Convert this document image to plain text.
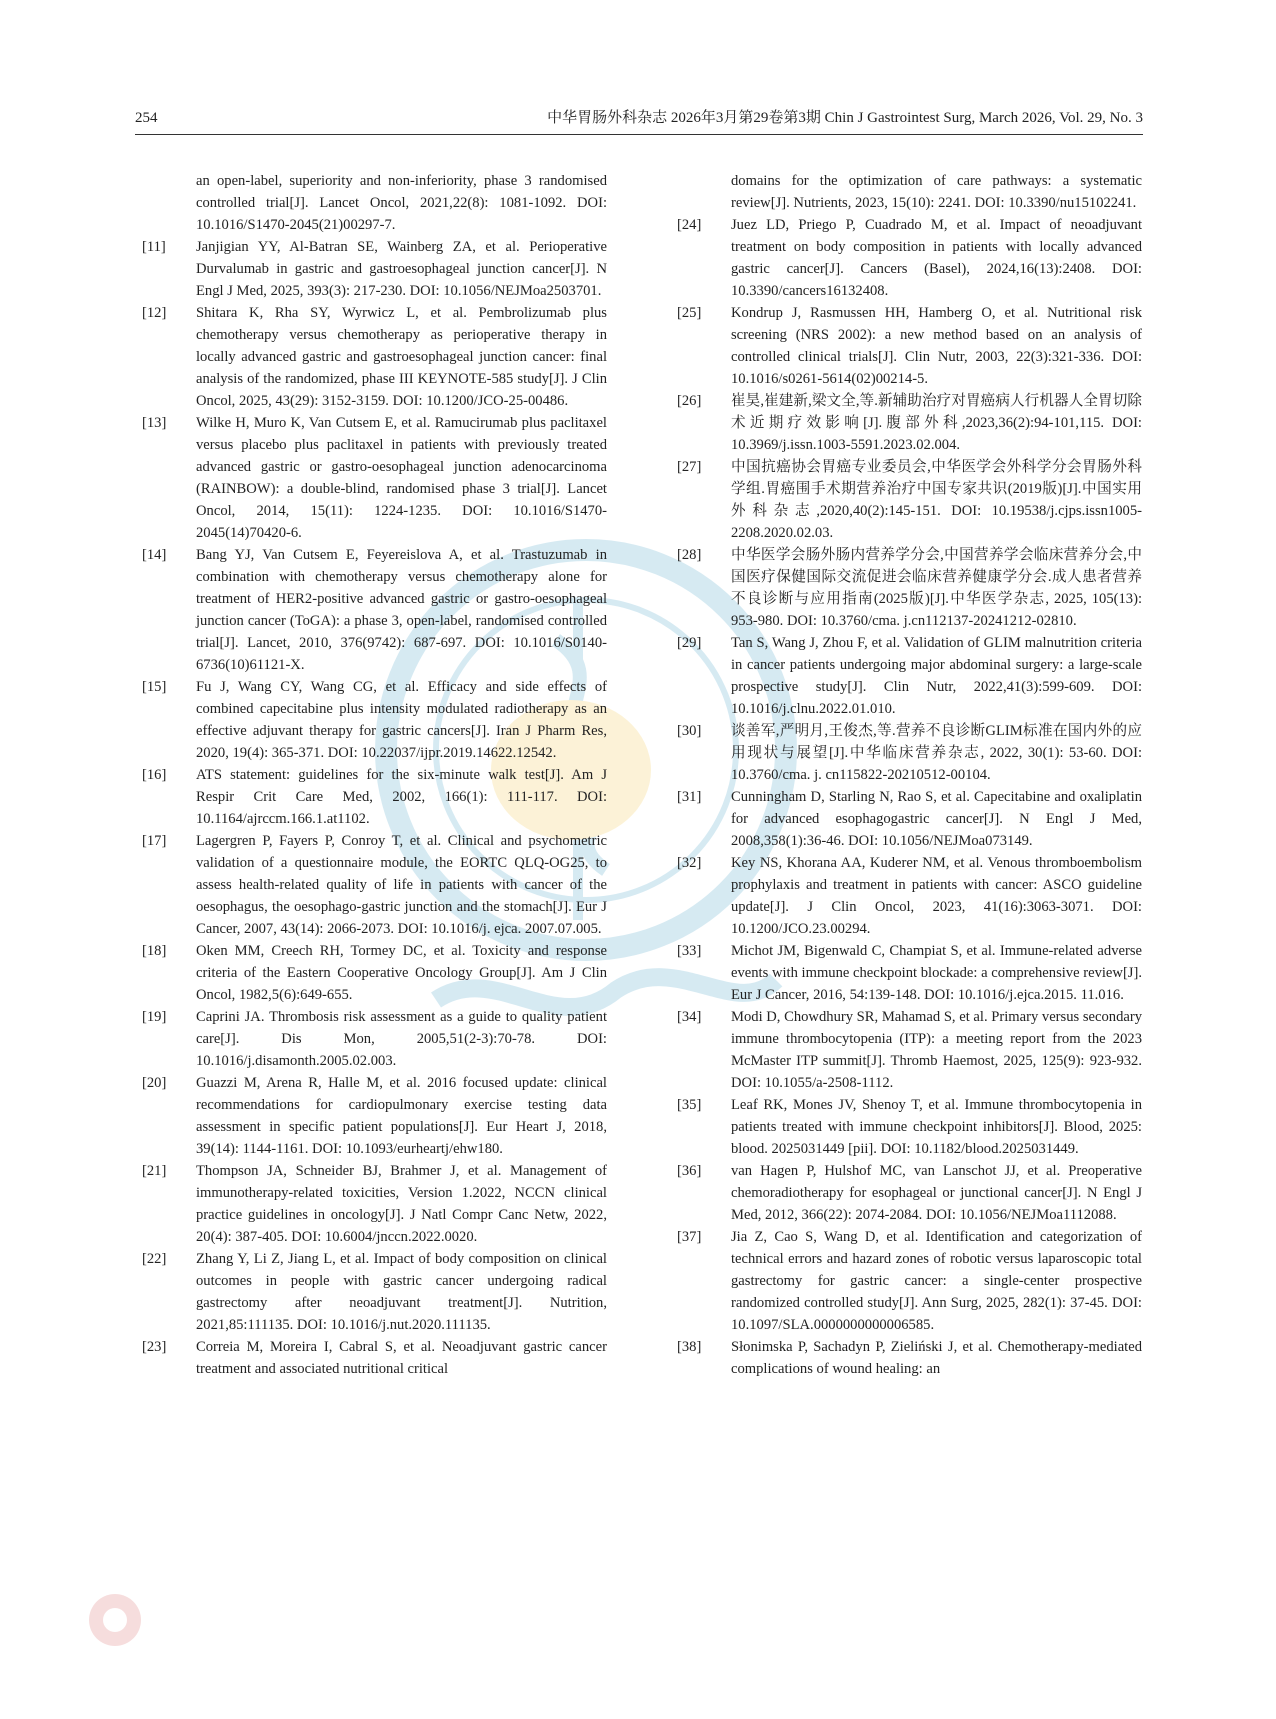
254	中华胃肠外科杂志 2026年3月第29卷第3期 Chin J Gastrointest Surg, March 2026, Vol. 29, No. 3

an open-label, superiority and non-inferiority, phase 3 randomised controlled trial[J]. Lancet Oncol, 2021,22(8): 1081-1092. DOI: 10.1016/S1470-2045(21)00297-7.

[11] Janjigian YY, Al-Batran SE, Wainberg ZA, et al. Perioperative Durvalumab in gastric and gastroesophageal junction cancer[J]. N Engl J Med, 2025, 393(3): 217-230. DOI: 10.1056/NEJMoa2503701.

[12] Shitara K, Rha SY, Wyrwicz L, et al. Pembrolizumab plus chemotherapy versus chemotherapy as perioperative therapy in locally advanced gastric and gastroesophageal junction cancer: final analysis of the randomized, phase III KEYNOTE-585 study[J]. J Clin Oncol, 2025, 43(29): 3152-3159. DOI: 10.1200/JCO-25-00486.

[13] Wilke H, Muro K, Van Cutsem E, et al. Ramucirumab plus paclitaxel versus placebo plus paclitaxel in patients with previously treated advanced gastric or gastro-oesophageal junction adenocarcinoma (RAINBOW): a double-blind, randomised phase 3 trial[J]. Lancet Oncol, 2014, 15(11): 1224-1235. DOI: 10.1016/S1470-2045(14)70420-6.

[14] Bang YJ, Van Cutsem E, Feyereislova A, et al. Trastuzumab in combination with chemotherapy versus chemotherapy alone for treatment of HER2-positive advanced gastric or gastro-oesophageal junction cancer (ToGA): a phase 3, open-label, randomised controlled trial[J]. Lancet, 2010, 376(9742): 687-697. DOI: 10.1016/S0140-6736(10)61121-X.

[15] Fu J, Wang CY, Wang CG, et al. Efficacy and side effects of combined capecitabine plus intensity modulated radiotherapy as an effective adjuvant therapy for gastric cancers[J]. Iran J Pharm Res, 2020, 19(4): 365-371. DOI: 10.22037/ijpr.2019.14622.12542.

[16] ATS statement: guidelines for the six-minute walk test[J]. Am J Respir Crit Care Med, 2002, 166(1): 111-117. DOI: 10.1164/ajrccm.166.1.at1102.

[17] Lagergren P, Fayers P, Conroy T, et al. Clinical and psychometric validation of a questionnaire module, the EORTC QLQ-OG25, to assess health-related quality of life in patients with cancer of the oesophagus, the oesophago-gastric junction and the stomach[J]. Eur J Cancer, 2007, 43(14): 2066-2073. DOI: 10.1016/j. ejca. 2007.07.005.

[18] Oken MM, Creech RH, Tormey DC, et al. Toxicity and response criteria of the Eastern Cooperative Oncology Group[J]. Am J Clin Oncol, 1982,5(6):649-655.

[19] Caprini JA. Thrombosis risk assessment as a guide to quality patient care[J]. Dis Mon, 2005,51(2-3):70-78. DOI: 10.1016/j.disamonth.2005.02.003.

[20] Guazzi M, Arena R, Halle M, et al. 2016 focused update: clinical recommendations for cardiopulmonary exercise testing data assessment in specific patient populations[J]. Eur Heart J, 2018, 39(14): 1144-1161. DOI: 10.1093/eurheartj/ehw180.

[21] Thompson JA, Schneider BJ, Brahmer J, et al. Management of immunotherapy-related toxicities, Version 1.2022, NCCN clinical practice guidelines in oncology[J]. J Natl Compr Canc Netw, 2022, 20(4): 387-405. DOI: 10.6004/jnccn.2022.0020.

[22] Zhang Y, Li Z, Jiang L, et al. Impact of body composition on clinical outcomes in people with gastric cancer undergoing radical gastrectomy after neoadjuvant treatment[J]. Nutrition, 2021,85:111135. DOI: 10.1016/j.nut.2020.111135.

[23] Correia M, Moreira I, Cabral S, et al. Neoadjuvant gastric cancer treatment and associated nutritional critical

domains for the optimization of care pathways: a systematic review[J]. Nutrients, 2023, 15(10): 2241. DOI: 10.3390/nu15102241.

[24] Juez LD, Priego P, Cuadrado M, et al. Impact of neoadjuvant treatment on body composition in patients with locally advanced gastric cancer[J]. Cancers (Basel), 2024,16(13):2408. DOI: 10.3390/cancers16132408.

[25] Kondrup J, Rasmussen HH, Hamberg O, et al. Nutritional risk screening (NRS 2002): a new method based on an analysis of controlled clinical trials[J]. Clin Nutr, 2003, 22(3):321-336. DOI: 10.1016/s0261-5614(02)00214-5.

[26] 崔昊,崔建新,梁文全,等.新辅助治疗对胃癌病人行机器人全胃切除术近期疗效影响[J].腹部外科,2023,36(2):94-101,115. DOI: 10.3969/j.issn.1003-5591.2023.02.004.

[27] 中国抗癌协会胃癌专业委员会,中华医学会外科学分会胃肠外科学组.胃癌围手术期营养治疗中国专家共识(2019版)[J].中国实用外科杂志,2020,40(2):145-151. DOI: 10.19538/j.cjps.issn1005-2208.2020.02.03.

[28] 中华医学会肠外肠内营养学分会,中国营养学会临床营养分会,中国医疗保健国际交流促进会临床营养健康学分会.成人患者营养不良诊断与应用指南(2025版)[J].中华医学杂志, 2025, 105(13): 953-980. DOI: 10.3760/cma. j.cn112137-20241212-02810.

[29] Tan S, Wang J, Zhou F, et al. Validation of GLIM malnutrition criteria in cancer patients undergoing major abdominal surgery: a large-scale prospective study[J]. Clin Nutr, 2022,41(3):599-609. DOI: 10.1016/j.clnu.2022.01.010.

[30] 谈善军,严明月,王俊杰,等.营养不良诊断GLIM标准在国内外的应用现状与展望[J].中华临床营养杂志, 2022, 30(1): 53-60. DOI: 10.3760/cma. j. cn115822-20210512-00104.

[31] Cunningham D, Starling N, Rao S, et al. Capecitabine and oxaliplatin for advanced esophagogastric cancer[J]. N Engl J Med, 2008,358(1):36-46. DOI: 10.1056/NEJMoa073149.

[32] Key NS, Khorana AA, Kuderer NM, et al. Venous thromboembolism prophylaxis and treatment in patients with cancer: ASCO guideline update[J]. J Clin Oncol, 2023, 41(16):3063-3071. DOI: 10.1200/JCO.23.00294.

[33] Michot JM, Bigenwald C, Champiat S, et al. Immune-related adverse events with immune checkpoint blockade: a comprehensive review[J]. Eur J Cancer, 2016, 54:139-148. DOI: 10.1016/j.ejca.2015. 11.016.

[34] Modi D, Chowdhury SR, Mahamad S, et al. Primary versus secondary immune thrombocytopenia (ITP): a meeting report from the 2023 McMaster ITP summit[J]. Thromb Haemost, 2025, 125(9): 923-932. DOI: 10.1055/a-2508-1112.

[35] Leaf RK, Mones JV, Shenoy T, et al. Immune thrombocytopenia in patients treated with immune checkpoint inhibitors[J]. Blood, 2025: blood. 2025031449 [pii]. DOI: 10.1182/blood.2025031449.

[36] van Hagen P, Hulshof MC, van Lanschot JJ, et al. Preoperative chemoradiotherapy for esophageal or junctional cancer[J]. N Engl J Med, 2012, 366(22): 2074-2084. DOI: 10.1056/NEJMoa1112088.

[37] Jia Z, Cao S, Wang D, et al. Identification and categorization of technical errors and hazard zones of robotic versus laparoscopic total gastrectomy for gastric cancer: a single-center prospective randomized controlled study[J]. Ann Surg, 2025, 282(1): 37-45. DOI: 10.1097/SLA.0000000000006585.

[38] Słonimska P, Sachadyn P, Zieliński J, et al. Chemotherapy-mediated complications of wound healing: an
